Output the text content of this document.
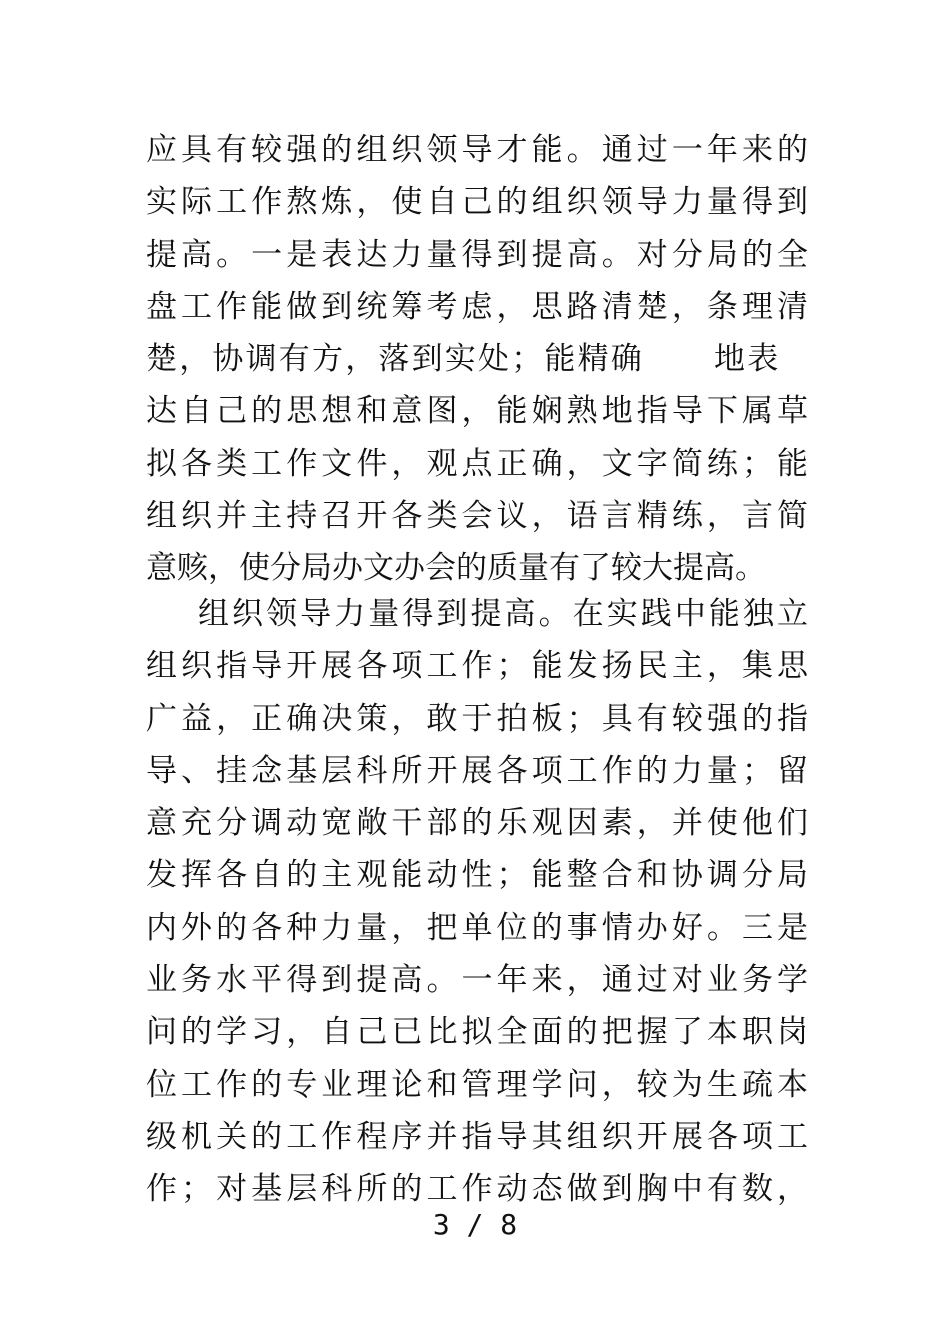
应具有较强的组织领导才能。通过一年来的
实际工作熬炼，使自己的组织领导力量得到
提高。一是表达力量得到提高。对分局的全
盘工作能做到统筹考虑，思路清楚，条理清
楚，协调有方，落到实处；能精确 地表
达自己的思想和意图，能娴熟地指导下属草
拟各类工作文件，观点正确，文字简练；能
组织并主持召开各类会议，语言精练，言简
意赅，使分局办文办会的质量有了较大提高。
组织领导力量得到提高。在实践中能独立
组织指导开展各项工作；能发扬民主，集思
广益，正确决策，敢于拍板；具有较强的指
导、挂念基层科所开展各项工作的力量；留
意充分调动宽敞干部的乐观因素，并使他们
发挥各自的主观能动性；能整合和协调分局
内外的各种力量，把单位的事情办好。三是
业务水平得到提高。一年来，通过对业务学
问的学习，自己已比拟全面的把握了本职岗
位工作的专业理论和管理学问，较为生疏本
级机关的工作程序并指导其组织开展各项工
作；对基层科所的工作动态做到胸中有数，
3 / 8
